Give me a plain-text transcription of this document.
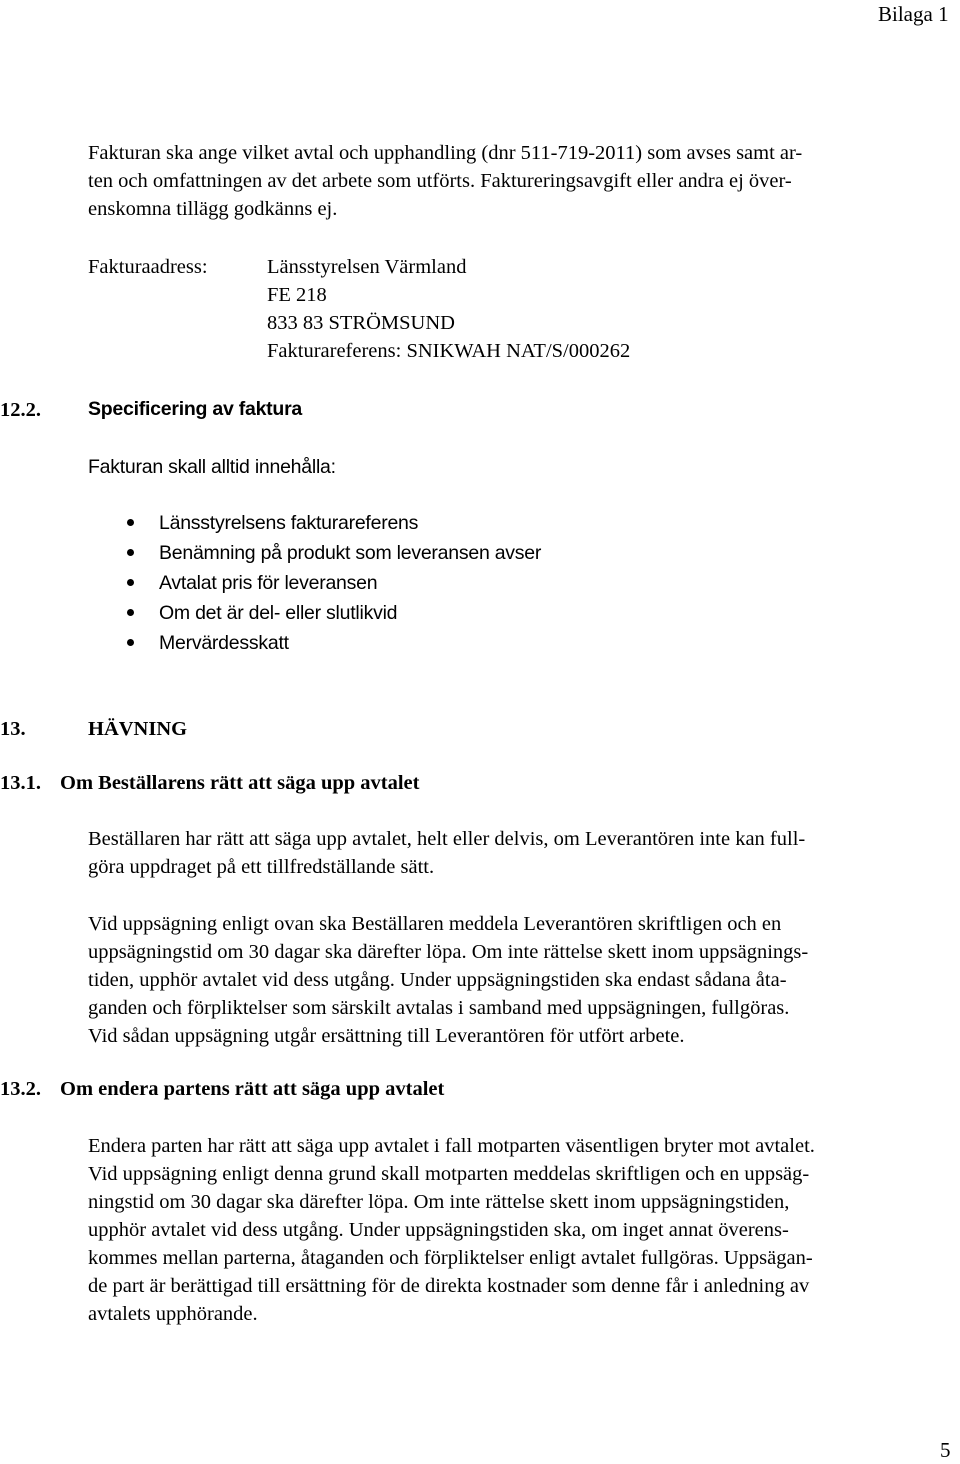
Bilaga 1
Fakturan ska ange vilket avtal och upphandling (dnr 511-719-2011) som avses samt ar-
ten och omfattningen av det arbete som utförts. Faktureringsavgift eller andra ej över-
enskomna tillägg godkänns ej.
Fakturaadress:	Länsstyrelsen Värmland
FE 218
833 83 STRÖMSUND
Fakturareferens: SNIKWAH NAT/S/000262
12.2. Specificering av faktura
Fakturan skall alltid innehålla:
Länsstyrelsens fakturareferens
Benämning på produkt som leveransen avser
Avtalat pris för leveransen
Om det är del- eller slutlikvid
Mervärdesskatt
13.	HÄVNING
13.1. Om Beställarens rätt att säga upp avtalet
Beställaren har rätt att säga upp avtalet, helt eller delvis, om Leverantören inte kan full-
göra uppdraget på ett tillfredställande sätt.
Vid uppsägning enligt ovan ska Beställaren meddela Leverantören skriftligen och en
uppsägningstid om 30 dagar ska därefter löpa. Om inte rättelse skett inom uppsägnings-
tiden, upphör avtalet vid dess utgång. Under uppsägningstiden ska endast sådana åta-
ganden och förpliktelser som särskilt avtalas i samband med uppsägningen, fullgöras.
Vid sådan uppsägning utgår ersättning till Leverantören för utfört arbete.
13.2. Om endera partens rätt att säga upp avtalet
Endera parten har rätt att säga upp avtalet i fall motparten väsentligen bryter mot avtalet.
Vid uppsägning enligt denna grund skall motparten meddelas skriftligen och en uppsäg-
ningstid om 30 dagar ska därefter löpa. Om inte rättelse skett inom uppsägningstiden,
upphör avtalet vid dess utgång. Under uppsägningstiden ska, om inget annat överens-
kommes mellan parterna, åtaganden och förpliktelser enligt avtalet fullgöras. Uppsägan-
de part är berättigad till ersättning för de direkta kostnader som denne får i anledning av
avtalets upphörande.
5
